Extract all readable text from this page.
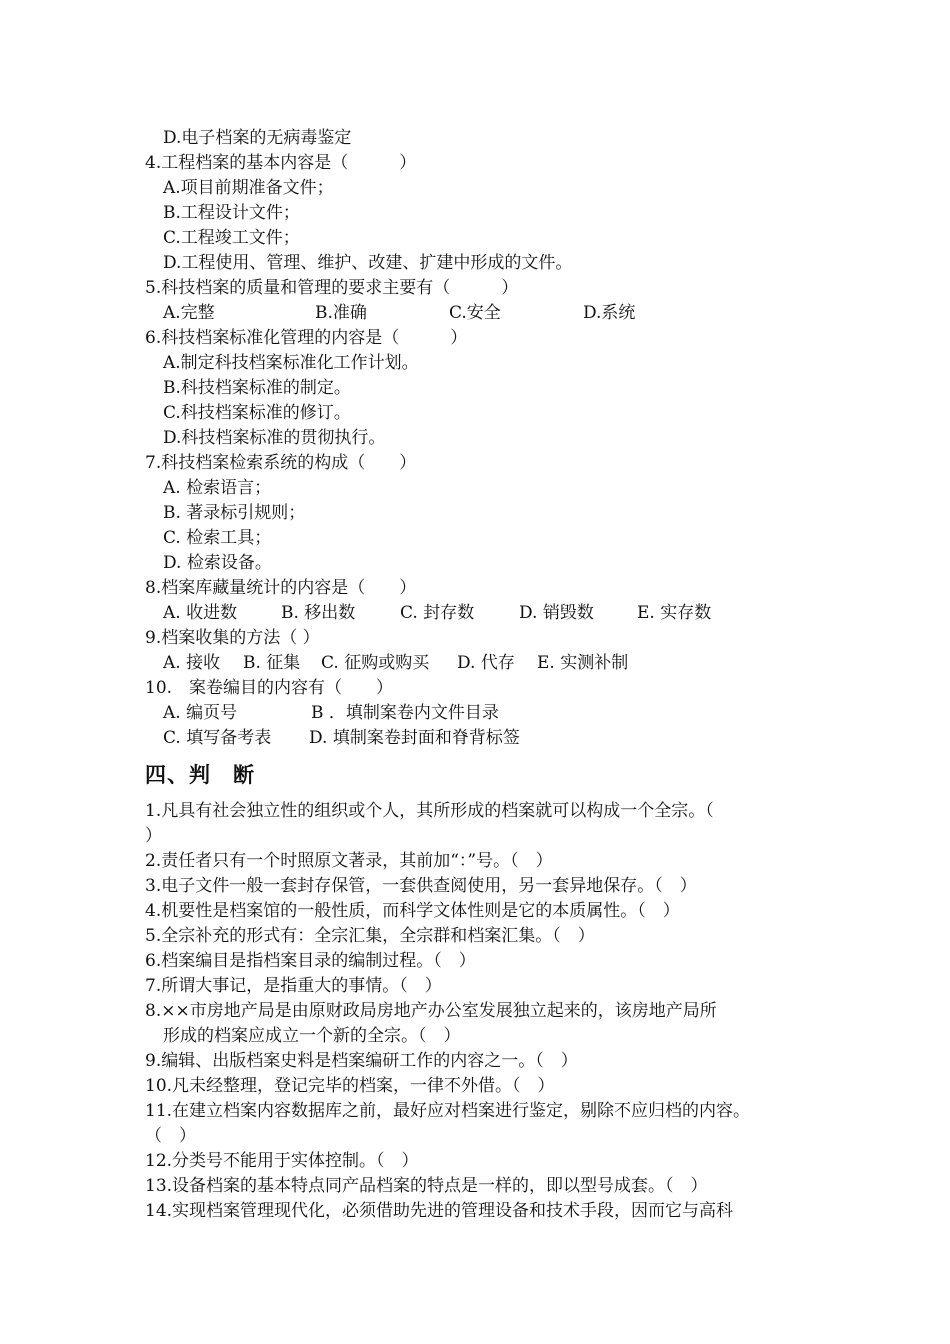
D.电子档案的无病毒鉴定
4.工程档案的基本内容是（　　　）
A.项目前期准备文件；
B.工程设计文件；
C.工程竣工文件；
D.工程使用、管理、维护、改建、扩建中形成的文件。
5.科技档案的质量和管理的要求主要有（　　　）

A.完整

	B.准确

	C.安全

	D.系统

6.科技档案标准化管理的内容是（　　　）
A.制定科技档案标准化工作计划。
B.科技档案标准的制定。
C.科技档案标准的修订。
D.科技档案标准的贯彻执行。
7.科技档案检索系统的构成（　　）
A. 检索语言；
B. 著录标引规则；
C. 检索工具；
D. 检索设备。
8.档案库藏量统计的内容是（　　）

A. 收进数

	B. 移出数

	C. 封存数

	D. 销毁数

	E. 实存数

9.档案收集的方法（ ）

A. 接收

B. 征集

C. 征购或购买

D. 代存

E. 实测补制

10.　案卷编目的内容有（　　）

A. 编页号

	B ．填制案卷内文件目录

C. 填写备考表

D. 填制案卷封面和脊背标签

四、判　断
1.凡具有社会独立性的组织或个人，其所形成的档案就可以构成一个全宗。（
）
2.责任者只有一个时照原文著录，其前加“：”号。（　）
3.电子文件一般一套封存保管，一套供查阅使用，另一套异地保存。（　）
4.机要性是档案馆的一般性质，而科学文体性则是它的本质属性。（　）
5.全宗补充的形式有：全宗汇集，全宗群和档案汇集。（　）
6.档案编目是指档案目录的编制过程。（　）
7.所谓大事记，是指重大的事情。（　）
8.××市房地产局是由原财政局房地产办公室发展独立起来的，该房地产局所
形成的档案应成立一个新的全宗。（　）
9.编辑、出版档案史料是档案编研工作的内容之一。（　）
10.凡未经整理，登记完毕的档案，一律不外借。（　）
11.在建立档案内容数据库之前，最好应对档案进行鉴定，剔除不应归档的内容。
（　）
12.分类号不能用于实体控制。（　）
13.设备档案的基本特点同产品档案的特点是一样的，即以型号成套。（　）
14.实现档案管理现代化，必须借助先进的管理设备和技术手段，因而它与高科
